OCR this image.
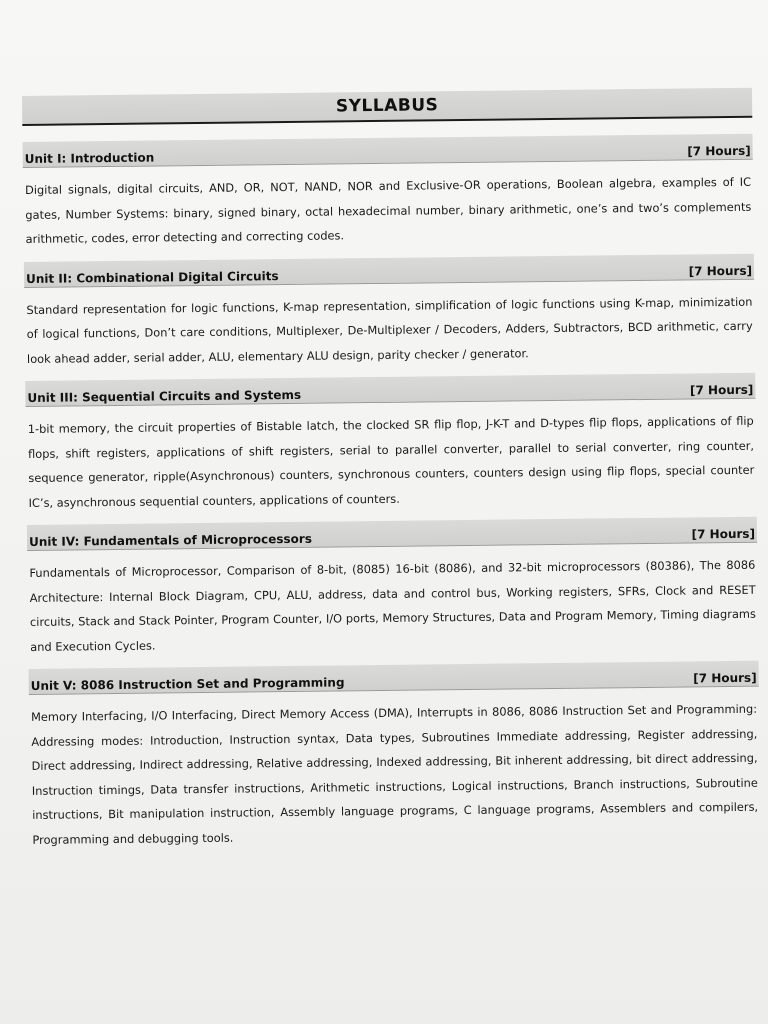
SYLLABUS
Unit I: Introduction	[7 Hours]
Digital signals, digital circuits, AND, OR, NOT, NAND, NOR and Exclusive-OR operations, Boolean algebra, examples of IC gates, Number Systems: binary, signed binary, octal hexadecimal number, binary arithmetic, one’s and two’s complements arithmetic, codes, error detecting and correcting codes.
Unit II: Combinational Digital Circuits	[7 Hours]
Standard representation for logic functions, K-map representation, simplification of logic functions using K-map, minimization of logical functions, Don’t care conditions, Multiplexer, De-Multiplexer / Decoders, Adders, Subtractors, BCD arithmetic, carry look ahead adder, serial adder, ALU, elementary ALU design, parity checker / generator.
Unit III: Sequential Circuits and Systems	[7 Hours]
1-bit memory, the circuit properties of Bistable latch, the clocked SR flip flop, J-K-T and D-types flip flops, applications of flip flops, shift registers, applications of shift registers, serial to parallel converter, parallel to serial converter, ring counter, sequence generator, ripple(Asynchronous) counters, synchronous counters, counters design using flip flops, special counter IC’s, asynchronous sequential counters, applications of counters.
Unit IV: Fundamentals of Microprocessors	[7 Hours]
Fundamentals of Microprocessor, Comparison of 8-bit, (8085) 16-bit (8086), and 32-bit microprocessors (80386), The 8086 Architecture: Internal Block Diagram, CPU, ALU, address, data and control bus, Working registers, SFRs, Clock and RESET circuits, Stack and Stack Pointer, Program Counter, I/O ports, Memory Structures, Data and Program Memory, Timing diagrams and Execution Cycles.
Unit V: 8086 Instruction Set and Programming	[7 Hours]
Memory Interfacing, I/O Interfacing, Direct Memory Access (DMA), Interrupts in 8086, 8086 Instruction Set and Programming: Addressing modes: Introduction, Instruction syntax, Data types, Subroutines Immediate addressing, Register addressing, Direct addressing, Indirect addressing, Relative addressing, Indexed addressing, Bit inherent addressing, bit direct addressing, Instruction timings, Data transfer instructions, Arithmetic instructions, Logical instructions, Branch instructions, Subroutine instructions, Bit manipulation instruction, Assembly language programs, C language programs, Assemblers and compilers, Programming and debugging tools.
